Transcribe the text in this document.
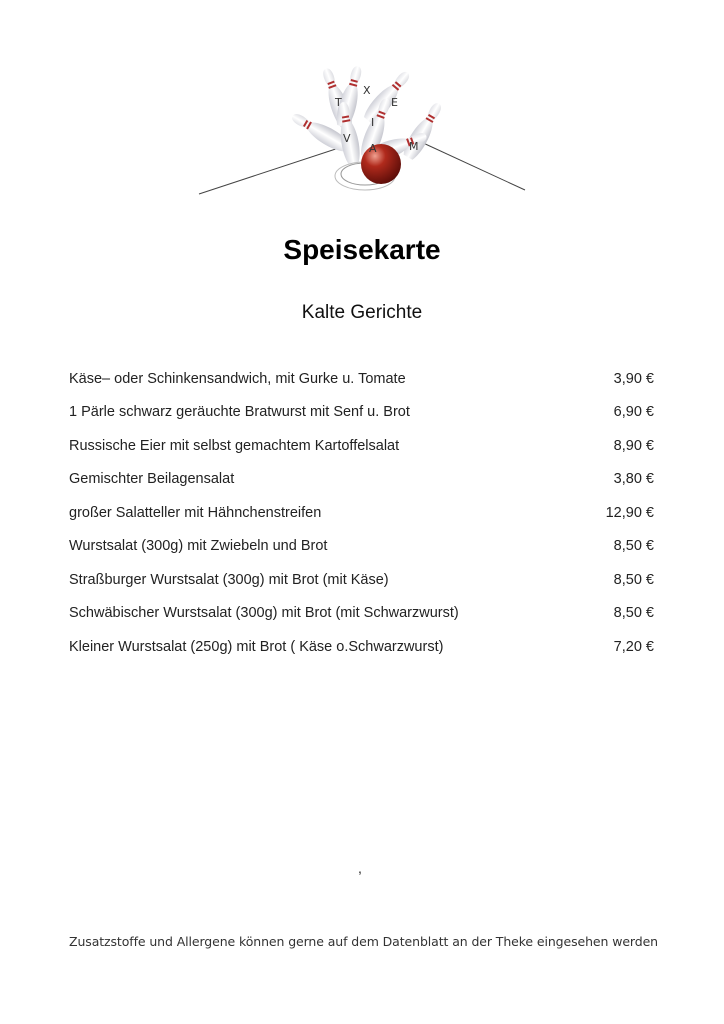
T
X
E
V
I
A	M
Speisekarte
Kalte Gerichte
Käse– oder Schinkensandwich, mit Gurke u. Tomate	3,90 €
1 Pärle schwarz geräuchte Bratwurst mit Senf u. Brot	6,90 €
Russische Eier mit selbst gemachtem Kartoffelsalat	8,90 €
Gemischter Beilagensalat	3,80 €
großer Salatteller mit Hähnchenstreifen	12,90 €
Wurstsalat (300g) mit Zwiebeln und Brot	8,50 €
Straßburger Wurstsalat (300g) mit Brot (mit Käse)	8,50 €
Schwäbischer Wurstsalat (300g) mit Brot (mit Schwarzwurst)	8,50 €
Kleiner Wurstsalat (250g) mit Brot ( Käse o.Schwarzwurst)	7,20 €
,
Zusatzstoffe und Allergene können gerne auf dem Datenblatt an der Theke eingesehen werden
